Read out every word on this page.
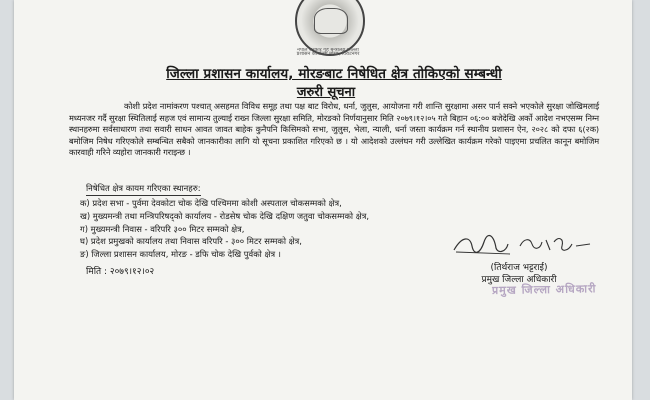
नेपाल सरकार गृह मन्त्रालय जिल्ला प्रशासन कार्यालय मोरङ, विराटनगर
जिल्ला प्रशासन कार्यालय, मोरङबाट निषेधित क्षेत्र तोकिएको सम्बन्धी
जरुरी सूचना

कोशी प्रदेश नामांकरण पश्चात् असहमत विविध समूह तथा पक्ष बाट विरोध, धर्ना, जुलुस, आयोजना गरी शान्ति सुरक्षामा असर पार्न सक्ने भएकोले सुरक्षा जोखिमलाई मध्यनजर गर्दै सुरक्षा स्थितिलाई सहज एवं सामान्य तुल्याई राख्न जिल्ला सुरक्षा समिति, मोरङको निर्णयानुसार मिति २०७९।१२।०५ गते बिहान ०६:०० बजेदेखि अर्को आदेश नभएसम्म निम्न स्थानहरुमा सर्वसाधारण तथा सवारी साधन आवत जावत बाहेक कुनैपनि किसिमको सभा, जुलुस, भेला, न्याली, धर्ना जस्ता कार्यक्रम गर्न स्थानीय प्रशासन ऐन, २०२८ को दफा ६(२क) बमोजिम निषेध गरिएकोले सम्बन्धित सबैको जानकारीका लागि यो सूचना प्रकाशित गरिएको छ । यो आदेशको उल्लंघन गरी उल्लेखित कार्यक्रम गरेको पाइएमा प्रचलित कानून बमोजिम कारवाही गरिने व्यहोरा जानकारी गराइन्छ ।

निषेधित क्षेत्र कायम गरिएका स्थानहरु:
क) प्रदेश सभा - पुर्वमा देवकोटा चोक देखि पश्चिममा कोशी अस्पताल चोकसम्मको क्षेत्र,
ख) मुख्यमन्त्री तथा मन्त्रिपरिषद्को कार्यालय - रोडसेष चोक देखि दक्षिण जतुवा चोकसम्मको क्षेत्र,
ग) मुख्यमन्त्री निवास - वरिपरि ३०० मिटर सम्मको क्षेत्र,
घ) प्रदेश प्रमुखको कार्यालय तथा निवास वरिपरि - ३०० मिटर सम्मको क्षेत्र,
ङ) जिल्ला प्रशासन कार्यालय, मोरङ - डफि चोक देखि पुर्वको क्षेत्र ।
(तिर्थराज भट्टराई)
प्रमुख जिल्ला अधिकारी
प्रमुख जिल्ला अधिकारी
मिति : २०७९।१२।०२
